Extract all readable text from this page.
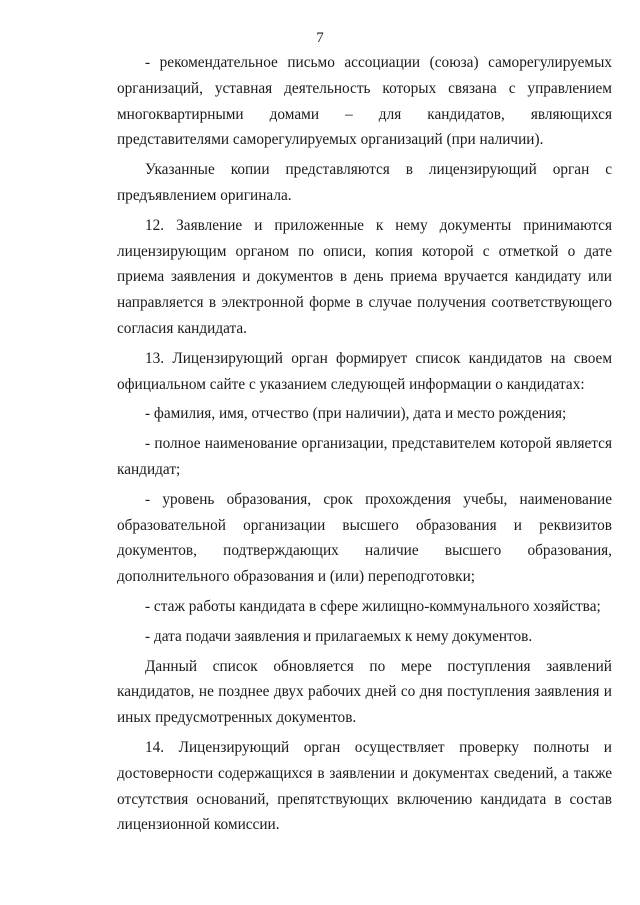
7

- рекомендательное письмо ассоциации (союза) саморегулируемых организаций, уставная деятельность которых связана с управлением многоквартирными домами – для кандидатов, являющихся представителями саморегулируемых организаций (при наличии).

Указанные копии представляются в лицензирующий орган с предъявлением оригинала.

12. Заявление и приложенные к нему документы принимаются лицензирующим органом по описи, копия которой с отметкой о дате приема заявления и документов в день приема вручается кандидату или направляется в электронной форме в случае получения соответствующего согласия кандидата.

13. Лицензирующий орган формирует список кандидатов на своем официальном сайте с указанием следующей информации о кандидатах:

- фамилия, имя, отчество (при наличии), дата и место рождения;

- полное наименование организации, представителем которой является кандидат;

- уровень образования, срок прохождения учебы, наименование образовательной организации высшего образования и реквизитов документов, подтверждающих наличие высшего образования, дополнительного образования и (или) переподготовки;

- стаж работы кандидата в сфере жилищно-коммунального хозяйства;

- дата подачи заявления и прилагаемых к нему документов.

Данный список обновляется по мере поступления заявлений кандидатов, не позднее двух рабочих дней со дня поступления заявления и иных предусмотренных документов.

14. Лицензирующий орган осуществляет проверку полноты и достоверности содержащихся в заявлении и документах сведений, а также отсутствия оснований, препятствующих включению кандидата в состав лицензионной комиссии.
